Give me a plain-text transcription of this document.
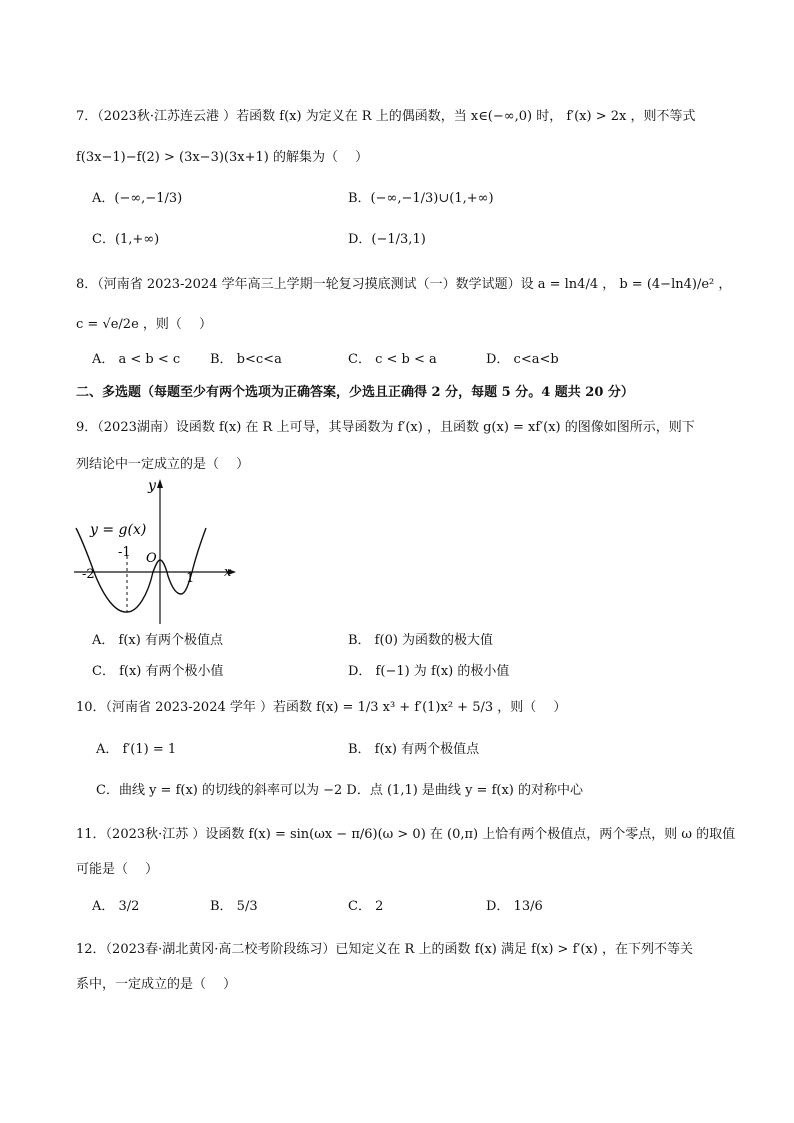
7．（2023秋·江苏连云港 ）若函数 f(x) 为定义在 R 上的偶函数，当 x∈(−∞,0) 时， f′(x) > 2x ，则不等式
f(3x−1)−f(2) > (3x−3)(3x+1) 的解集为（　 ）
A．(−∞,−1/3)	B．(−∞,−1/3)∪(1,+∞)
C．(1,+∞)	D．(−1/3,1)
8．（河南省 2023-2024 学年高三上学期一轮复习摸底测试（一）数学试题）设 a = ln4/4 ， b = (4−ln4)/e² ，
c = √e/2e ，则（　 ）
A． a < b < c B． b<c<a	C． c < b < a	D． c<a<b
二、多选题（每题至少有两个选项为正确答案，少选且正确得 2 分，每题 5 分。4 题共 20 分）
9．（2023湖南）设函数 f(x) 在 R 上可导，其导函数为 f′(x) ，且函数 g(x) = xf′(x) 的图像如图所示，则下
列结论中一定成立的是（　 ）
y
x
y = g(x)
O
-2
-1
1
A． f(x) 有两个极值点	B． f(0) 为函数的极大值
C． f(x) 有两个极小值	D． f(−1) 为 f(x) 的极小值
10．（河南省 2023-2024 学年 ）若函数 f(x) = 1/3 x³ + f′(1)x² + 5/3 ，则（　 ）
A． f′(1) = 1	B． f(x) 有两个极值点
C．曲线 y = f(x) 的切线的斜率可以为 −2 D．点 (1,1) 是曲线 y = f(x) 的对称中心
11．（2023秋·江苏 ）设函数 f(x) = sin(ωx − π/6)(ω > 0) 在 (0,π) 上恰有两个极值点，两个零点，则 ω 的取值
可能是（　 ）
A． 3/2	B． 5/3	C． 2	D． 13/6
12．（2023春·湖北黄冈·高二校考阶段练习）已知定义在 R 上的函数 f(x) 满足 f(x) > f′(x) ，在下列不等关
系中，一定成立的是（　 ）
